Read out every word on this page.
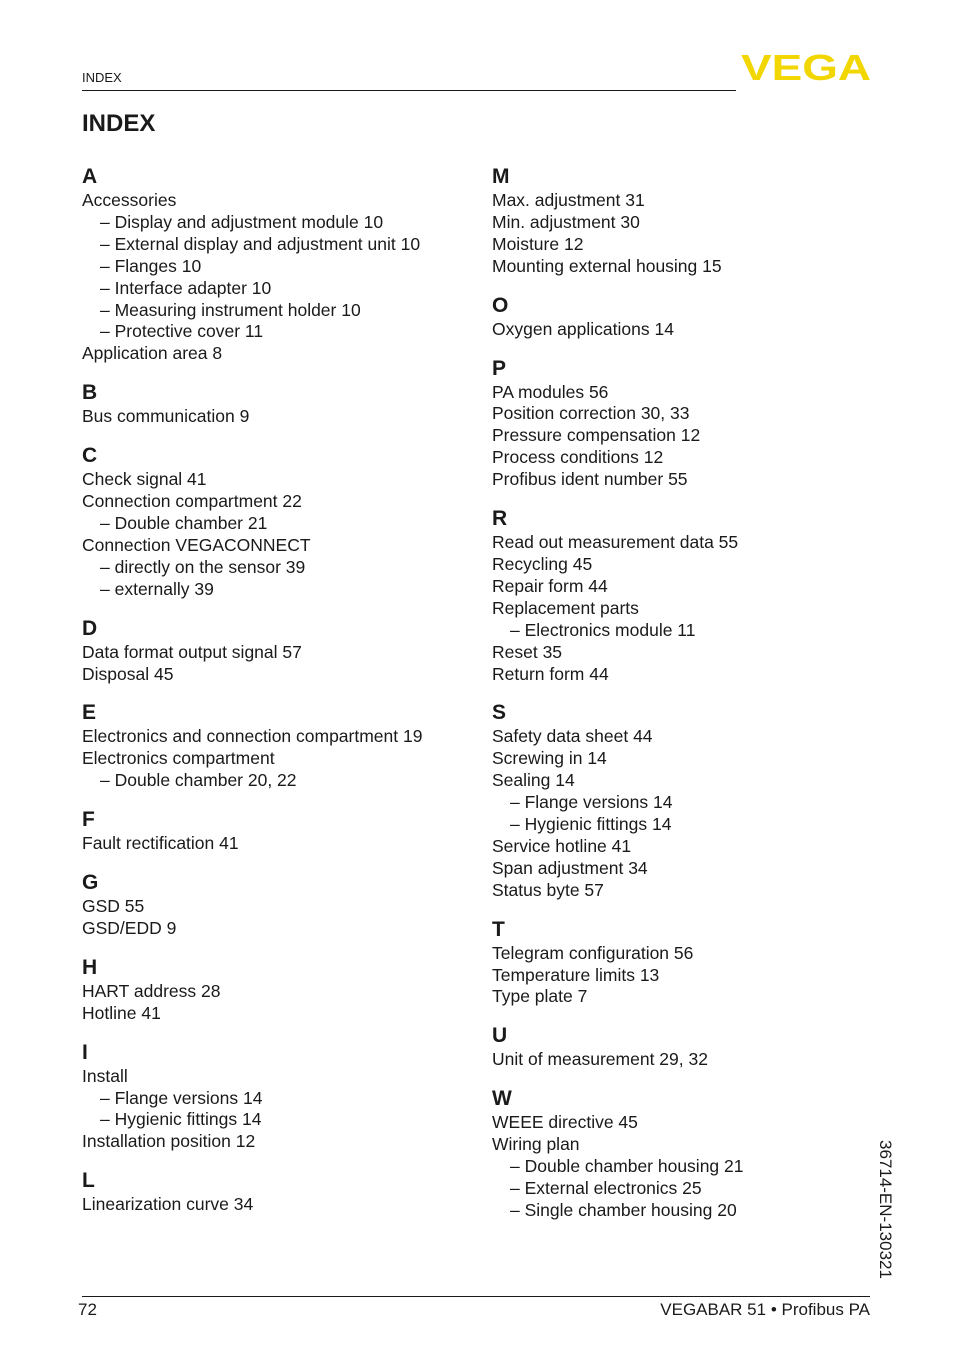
INDEX	VEGA
INDEX
A
Accessories
– Display and adjustment module 10
– External display and adjustment unit 10
– Flanges 10
– Interface adapter 10
– Measuring instrument holder 10
– Protective cover 11
Application area 8
B
Bus communication 9
C
Check signal 41
Connection compartment 22
– Double chamber 21
Connection VEGACONNECT
– directly on the sensor 39
– externally 39
D
Data format output signal 57
Disposal 45
E
Electronics and connection compartment 19
Electronics compartment
– Double chamber 20, 22
F
Fault rectification 41
G
GSD 55
GSD/EDD 9
H
HART address 28
Hotline 41
I
Install
– Flange versions 14
– Hygienic fittings 14
Installation position 12
L
Linearization curve 34
M
Max. adjustment 31
Min. adjustment 30
Moisture 12
Mounting external housing 15
O
Oxygen applications 14
P
PA modules 56
Position correction 30, 33
Pressure compensation 12
Process conditions 12
Profibus ident number 55
R
Read out measurement data 55
Recycling 45
Repair form 44
Replacement parts
– Electronics module 11
Reset 35
Return form 44
S
Safety data sheet 44
Screwing in 14
Sealing 14
– Flange versions 14
– Hygienic fittings 14
Service hotline 41
Span adjustment 34
Status byte 57
T
Telegram configuration 56
Temperature limits 13
Type plate 7
U
Unit of measurement 29, 32
W
WEEE directive 45
Wiring plan
– Double chamber housing 21
– External electronics 25
– Single chamber housing 20	36714-EN-130321
72	VEGABAR 51 • Profibus PA
